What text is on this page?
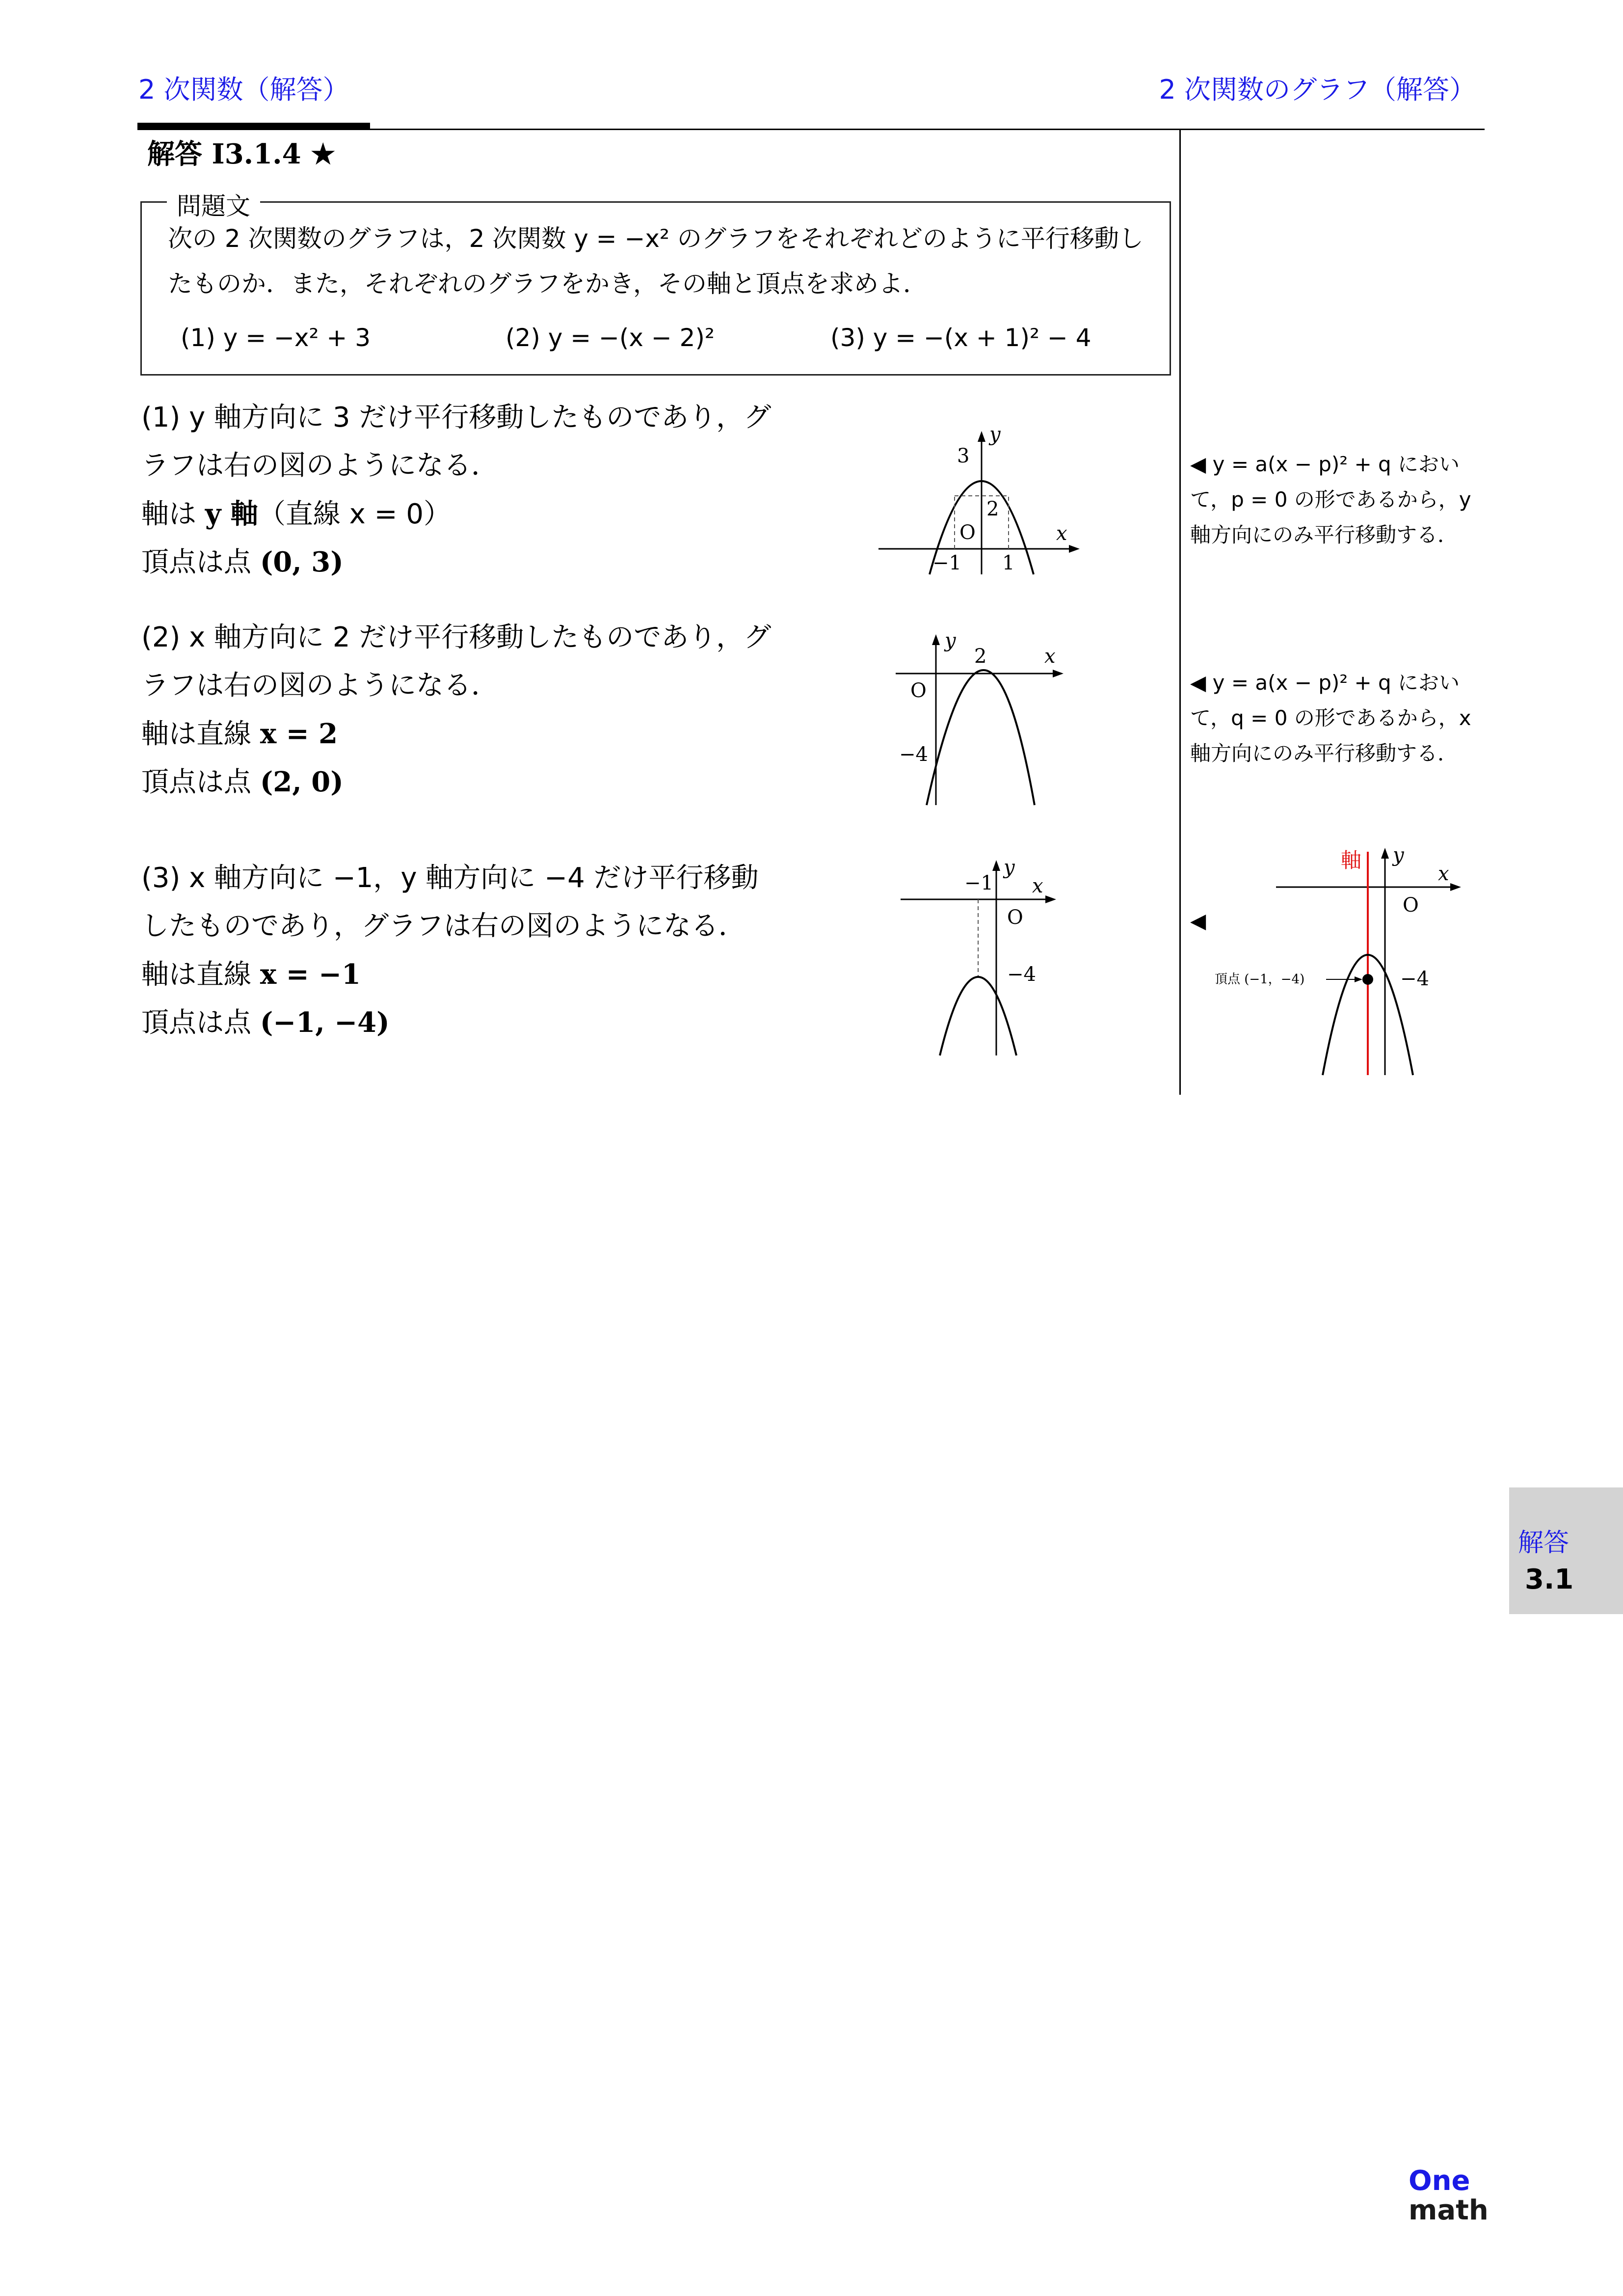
2 次関数（解答）	2 次関数のグラフ（解答）
解答 I3.1.4 ★
問題文
次の 2 次関数のグラフは，2 次関数 y = −x² のグラフをそれぞれどのように平行移動し
たものか．また，それぞれのグラフをかき，その軸と頂点を求めよ．
(1) y = −x² + 3	(2) y = −(x − 2)²	(3) y = −(x + 1)² − 4
(1) y 軸方向に 3 だけ平行移動したものであり，グ
ラフは右の図のようになる．
軸は y 軸（直線 x = 0）
頂点は点 (0, 3)
y
x
3
2
O
−1 1
(2) x 軸方向に 2 だけ平行移動したものであり，グ
ラフは右の図のようになる．
軸は直線 x = 2
頂点は点 (2, 0)
y
x
2
O
−4
(3) x 軸方向に −1，y 軸方向に −4 だけ平行移動
したものであり，グラフは右の図のようになる．
軸は直線 x = −1
頂点は点 (−1, −4)
y
x
−1
O
−4
◀ y = a(x − p)² + q におい
て，p = 0 の形であるから，y
軸方向にのみ平行移動する．
◀ y = a(x − p)² + q におい
て，q = 0 の形であるから，x
軸方向にのみ平行移動する．
◀
軸 y
x
O
−4
頂点 (−1，−4)
解答
3.1
One
math
